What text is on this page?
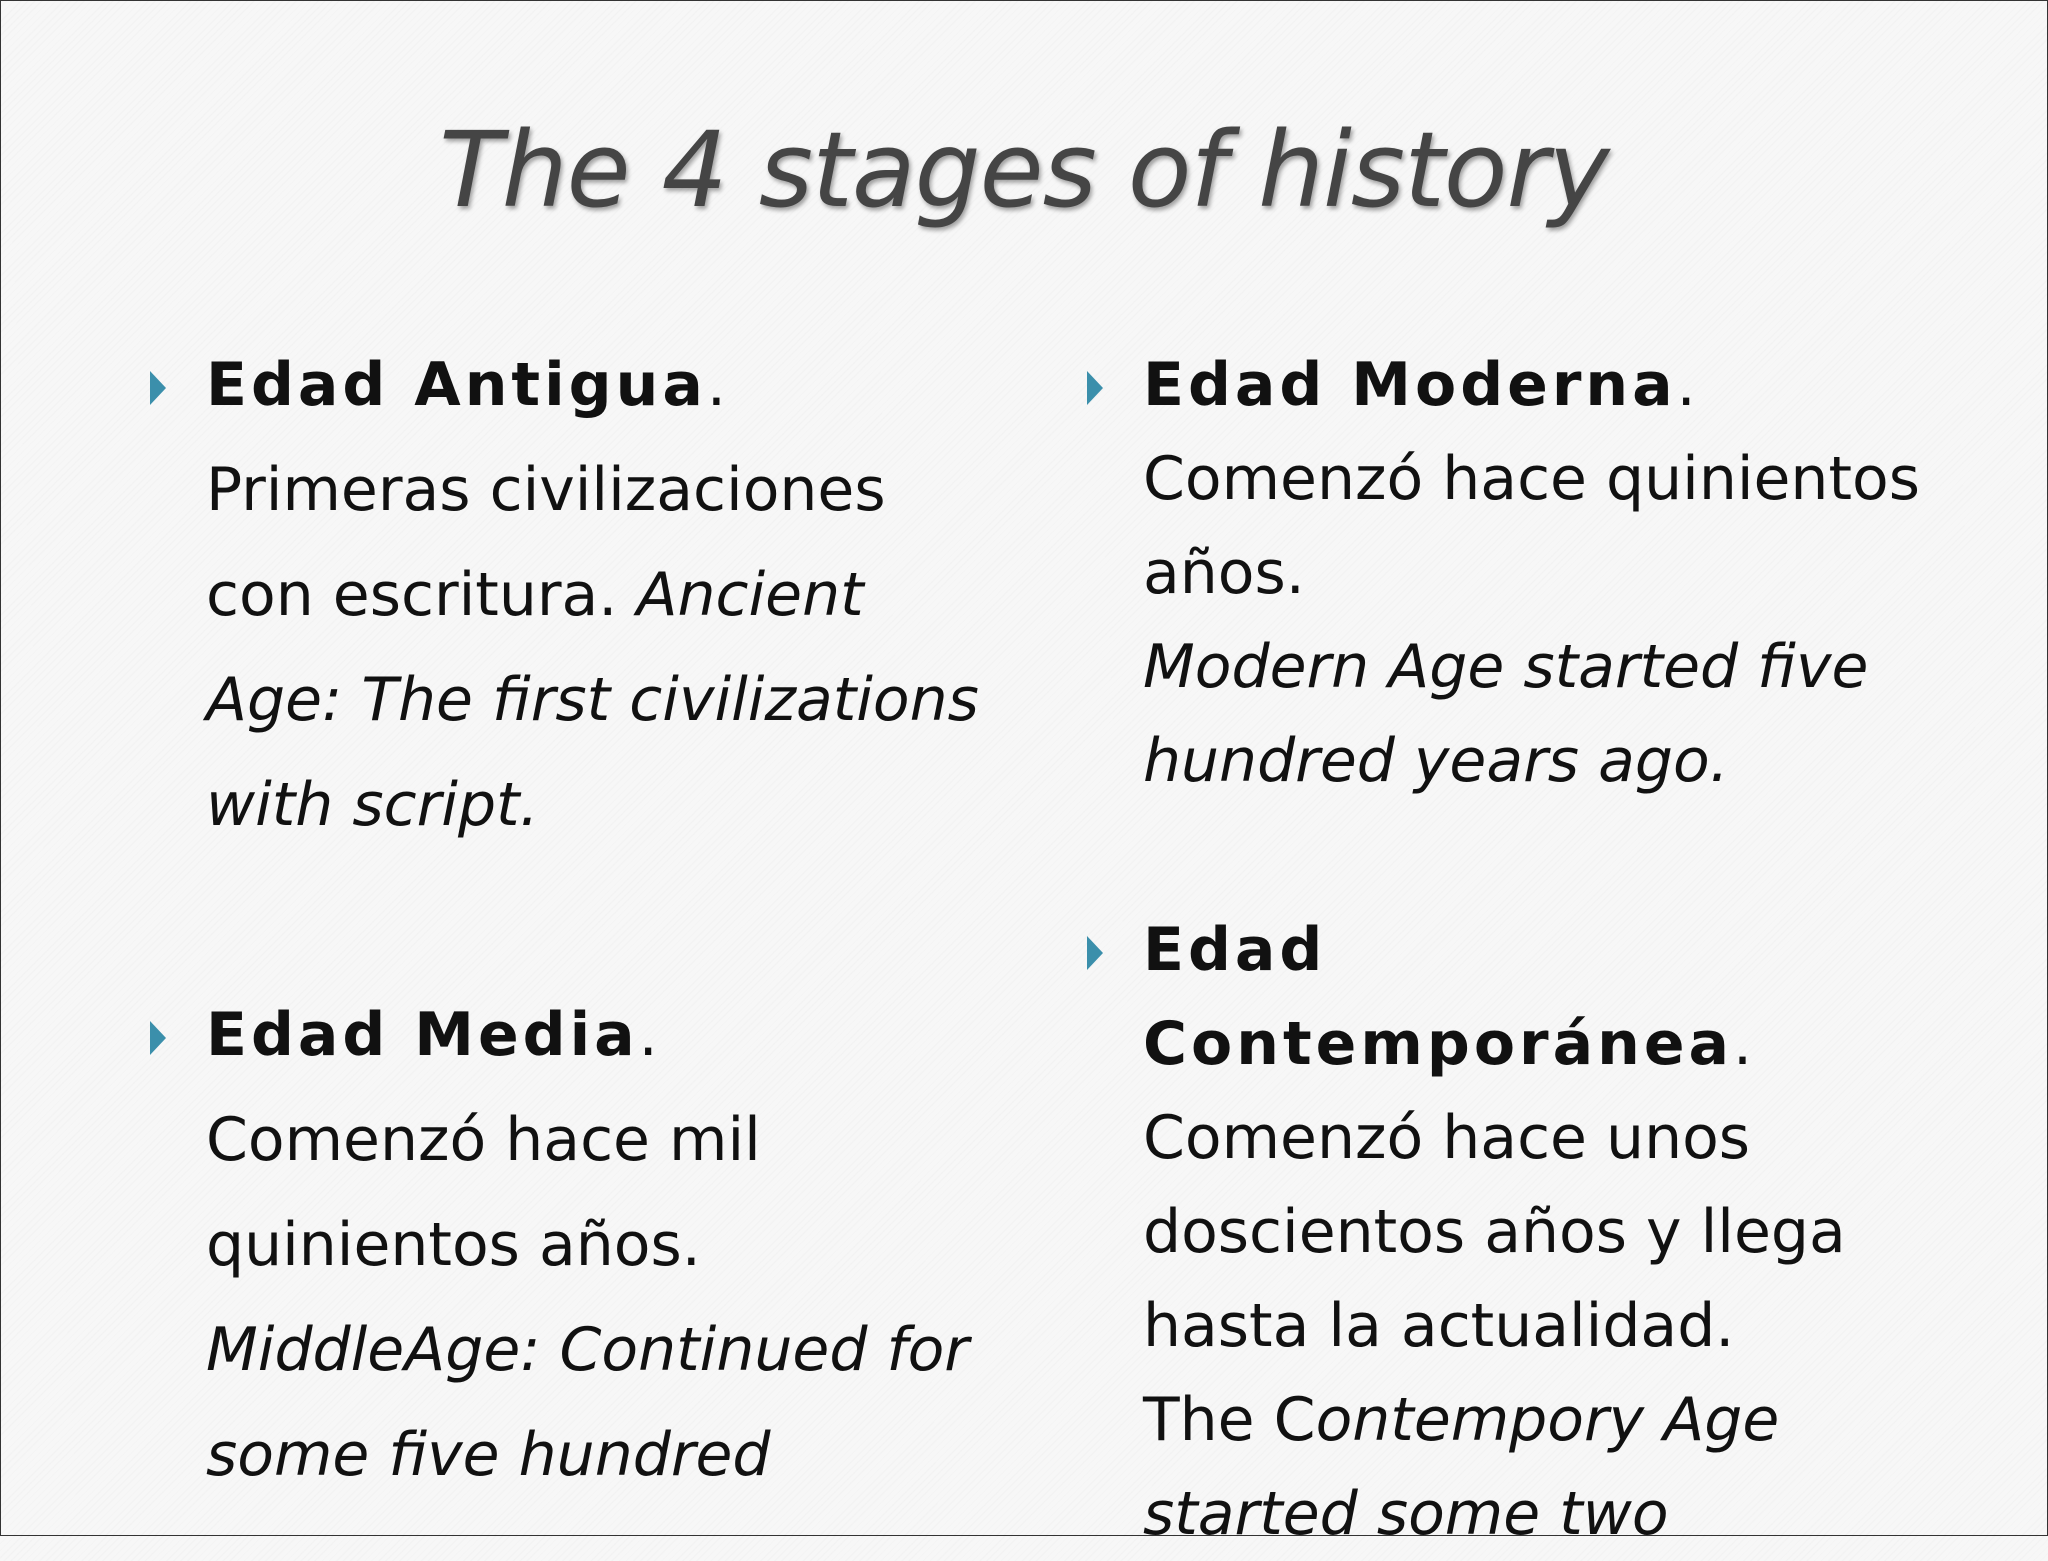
The 4 stages of history
Edad Antigua.
Primeras civilizaciones con escritura. Ancient Age: The first civilizations with script.
Edad Media.
Comenzó hace mil quinientos años.
MiddleAge: Continued for some five hundred
Edad Moderna.
Comenzó hace quinientos años.
Modern Age started five hundred years ago.
Edad Contemporánea.
Comenzó hace unos doscientos años y llega hasta la actualidad.
The Contempory Age started some two
